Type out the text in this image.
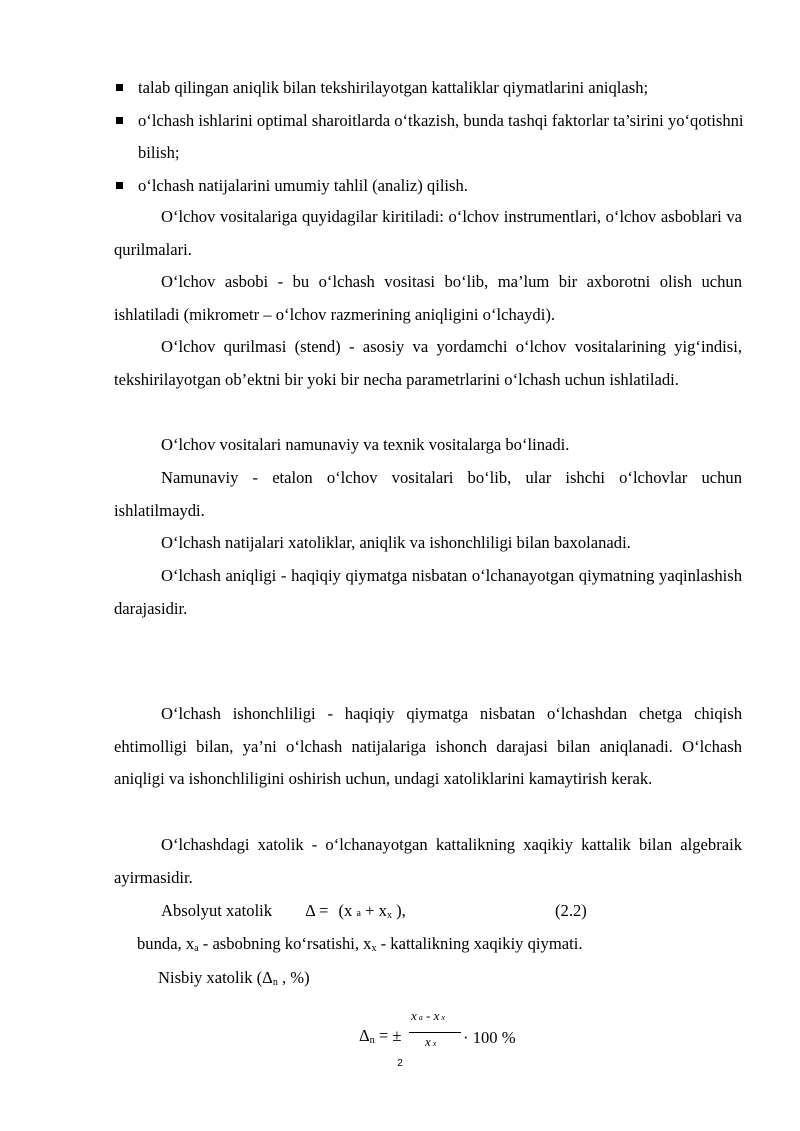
talab qilingan aniqlik bilan tekshirilayotgan kattaliklar qiymatlarini aniqlash;
o‘lchash ishlarini optimal sharoitlarda o‘tkazish, bunda tashqi faktorlar ta’sirini yo‘qotishni bilish;
o‘lchash natijalarini umumiy tahlil (analiz) qilish.

O‘lchov vositalariga quyidagilar kiritiladi: o‘lchov instrumentlari, o‘lchov asboblari va qurilmalari.

O‘lchov asbobi - bu o‘lchash vositasi bo‘lib, ma’lum bir axborotni olish uchun ishlatiladi (mikrometr – o‘lchov razmerining aniqligini o‘lchaydi).

O‘lchov qurilmasi (stend) - asosiy va yordamchi o‘lchov vositalarining yig‘indisi, tekshirilayotgan ob’ektni bir yoki bir necha parametrlarini o‘lchash uchun ishlatiladi.

O‘lchov vositalari namunaviy va texnik vositalarga bo‘linadi.

Namunaviy - etalon o‘lchov vositalari bo‘lib, ular ishchi o‘lchovlar uchun ishlatilmaydi.

O‘lchash natijalari xatoliklar, aniqlik va ishonchliligi bilan baxolanadi.

O‘lchash aniqligi - haqiqiy qiymatga nisbatan o‘lchanayotgan qiymatning yaqinlashish darajasidir.

O‘lchash ishonchliligi - haqiqiy qiymatga nisbatan o‘lchashdan chetga chiqish ehtimolligi bilan, ya’ni o‘lchash natijalariga ishonch darajasi bilan aniqlanadi. O‘lchash aniqligi va ishonchliligini oshirish uchun, undagi xatoliklarini kamaytirish kerak.

O‘lchashdagi xatolik - o‘lchanayotgan kattalikning xaqikiy kattalik bilan algebraik ayirmasidir.

Absolyut xatolik Δ = (x a + xx ),	(2.2)
bunda, xa - asbobning ko‘rsatishi, xx - kattalikning xaqikiy qiymati.
Nisbiy xatolik (Δn , %)
Δn = ±
x a - x x
x x · 100 %
2
